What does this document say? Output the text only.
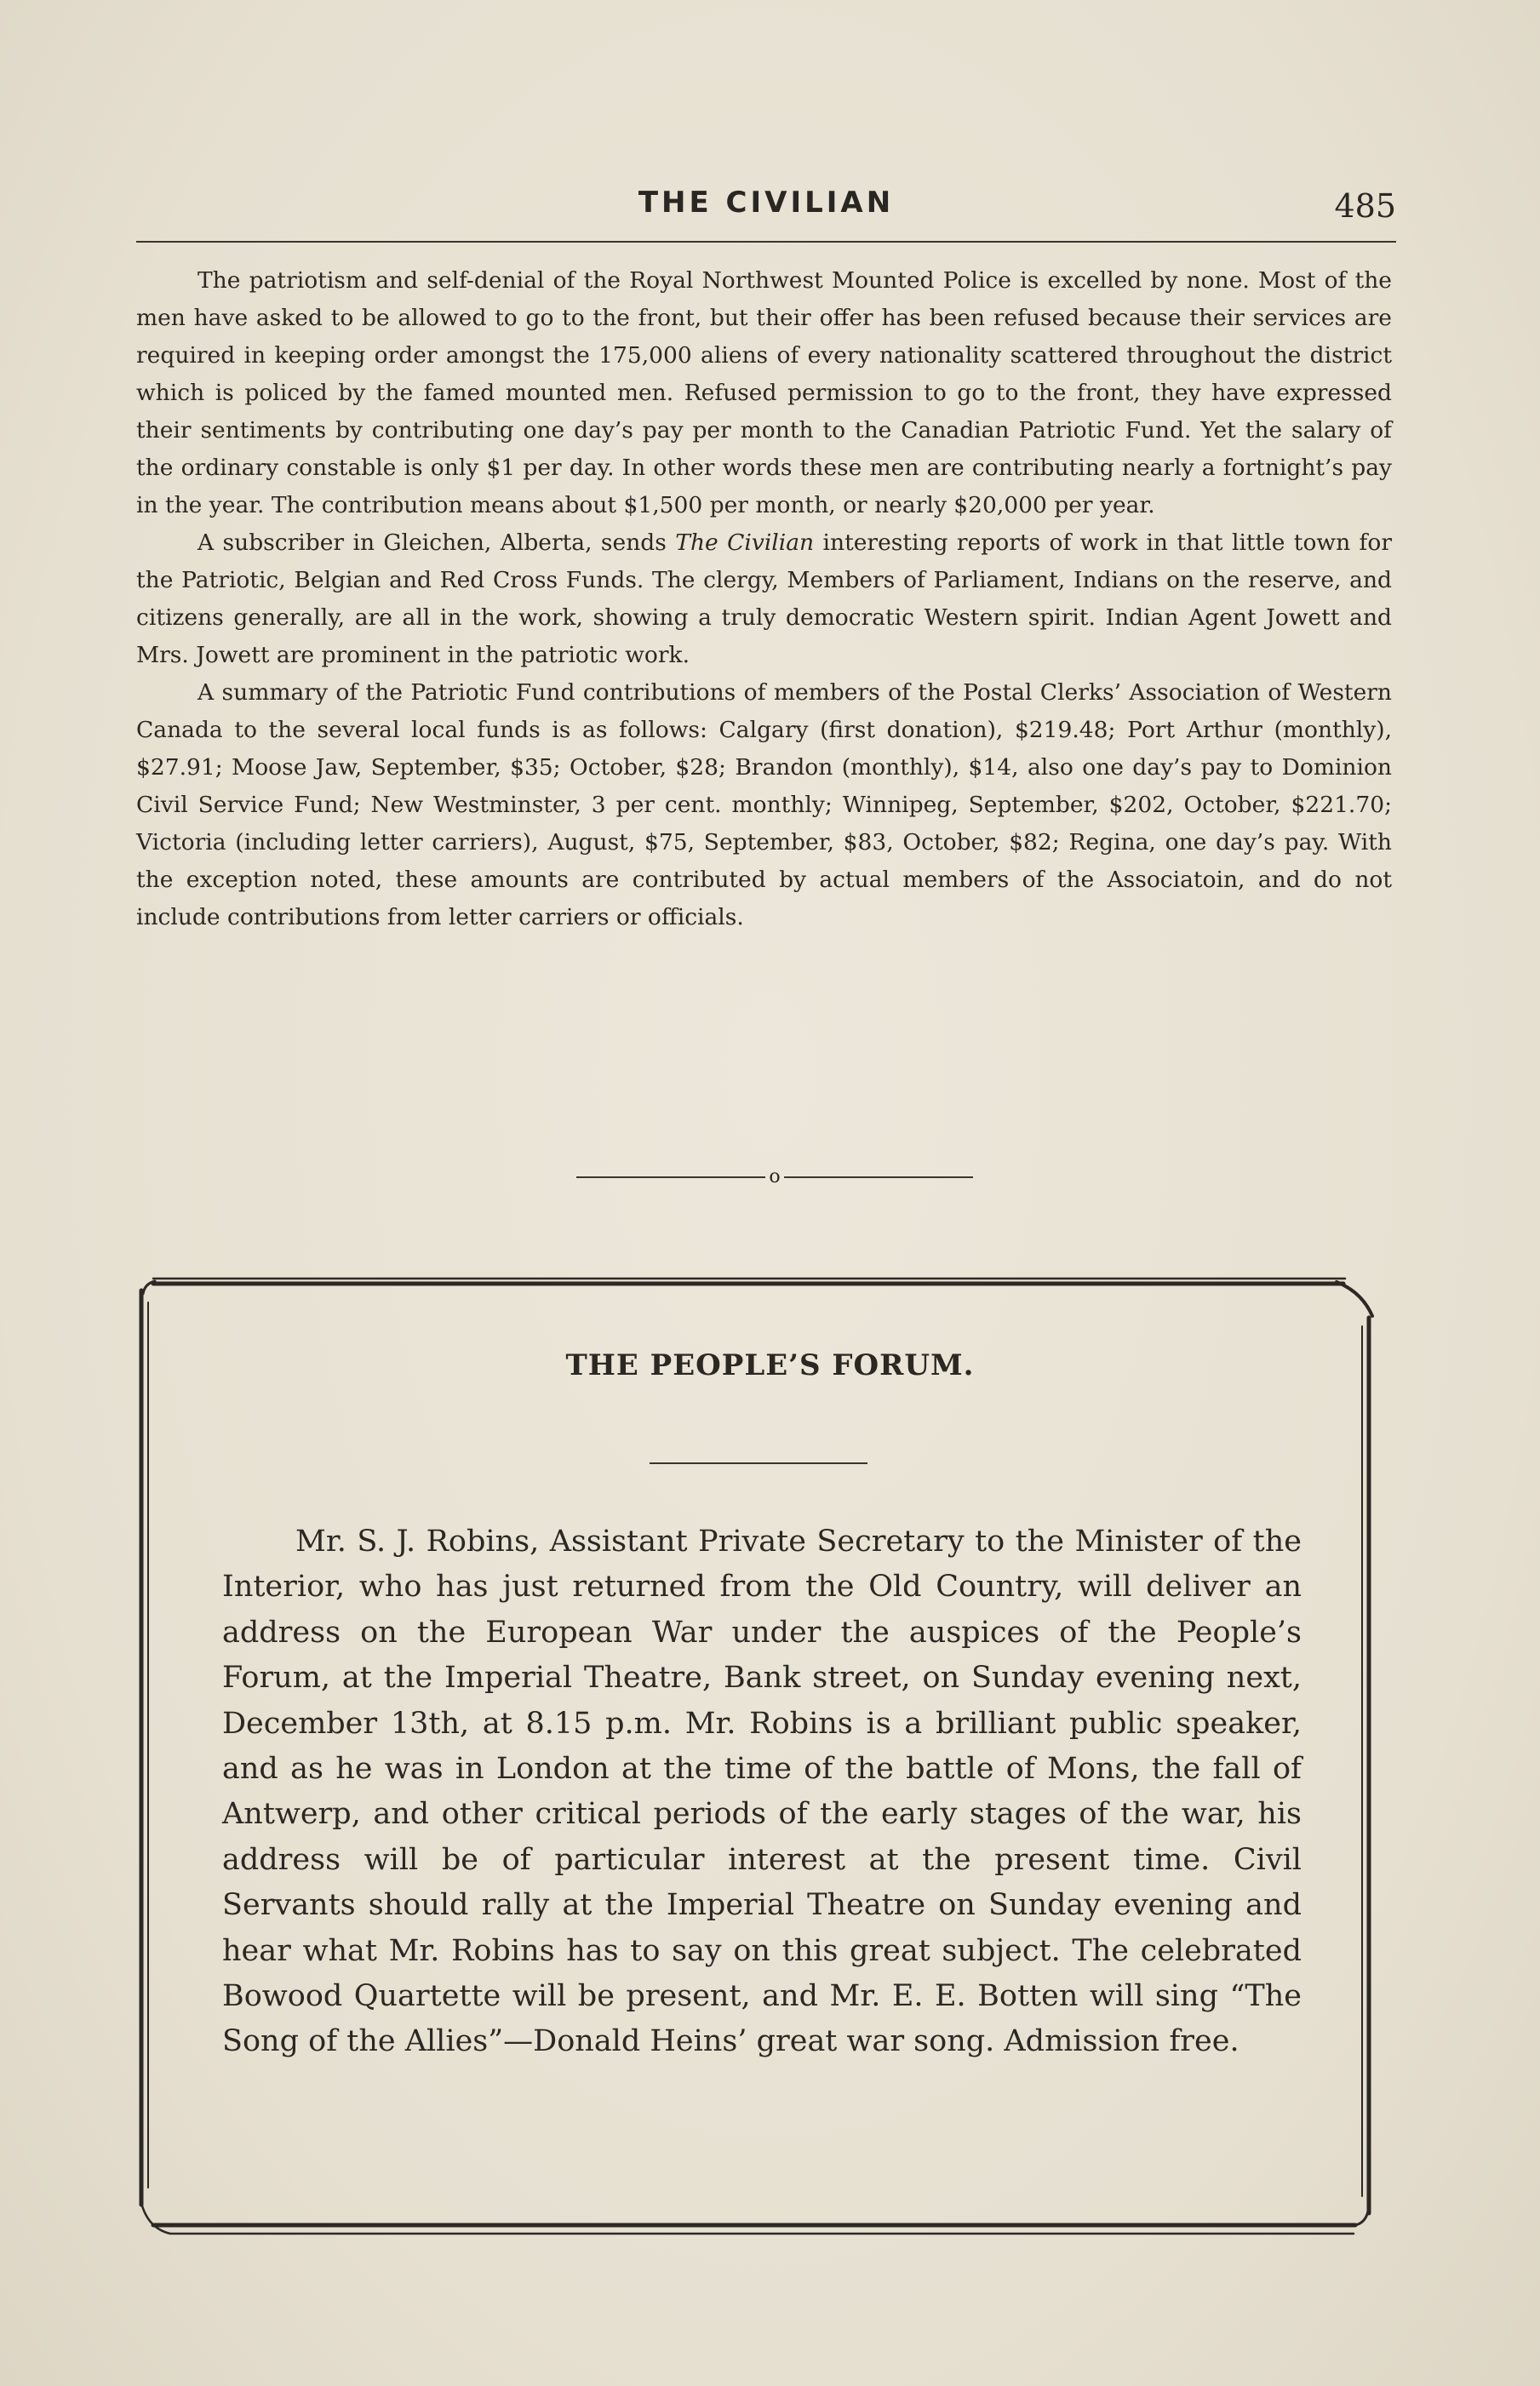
THE CIVILIAN	485

The patriotism and self-denial of the Royal Northwest Mounted Police is excelled by none. Most of the men have asked to be allowed to go to the front, but their offer has been refused because their services are required in keeping order amongst the 175,000 aliens of every nationality scattered throughout the district which is policed by the famed mounted men. Refused permission to go to the front, they have expressed their sentiments by contributing one day’s pay per month to the Canadian Patriotic Fund. Yet the salary of the ordinary constable is only $1 per day. In other words these men are contributing nearly a fortnight’s pay in the year. The contribution means about $1,500 per month, or nearly $20,000 per year.

A subscriber in Gleichen, Alberta, sends The Civilian interesting reports of work in that little town for the Patriotic, Belgian and Red Cross Funds. The clergy, Members of Parliament, Indians on the reserve, and citizens generally, are all in the work, showing a truly democratic Western spirit. Indian Agent Jowett and Mrs. Jowett are prominent in the patriotic work.

A summary of the Patriotic Fund contributions of members of the Postal Clerks’ Association of Western Canada to the several local funds is as follows: Calgary (first donation), $219.48; Port Arthur (monthly), $27.91; Moose Jaw, September, $35; October, $28; Brandon (monthly), $14, also one day’s pay to Dominion Civil Service Fund; New Westminster, 3 per cent. monthly; Winnipeg, September, $202, October, $221.70; Victoria (including letter carriers), August, $75, September, $83, October, $82; Regina, one day’s pay. With the exception noted, these amounts are contributed by actual members of the Associatoin, and do not include contributions from letter carriers or officials.

o
THE PEOPLE’S FORUM.

Mr. S. J. Robins, Assistant Private Secretary to the Minister of the Interior, who has just returned from the Old Country, will deliver an address on the European War under the auspices of the People’s Forum, at the Imperial Theatre, Bank street, on Sunday evening next, December 13th, at 8.15 p.m. Mr. Robins is a brilliant public speaker, and as he was in London at the time of the battle of Mons, the fall of Antwerp, and other critical periods of the early stages of the war, his address will be of particular interest at the present time. Civil Servants should rally at the Imperial Theatre on Sunday evening and hear what Mr. Robins has to say on this great subject. The celebrated Bowood Quartette will be present, and Mr. E. E. Botten will sing “The Song of the Allies”—Donald Heins’ great war song. Admission free.
